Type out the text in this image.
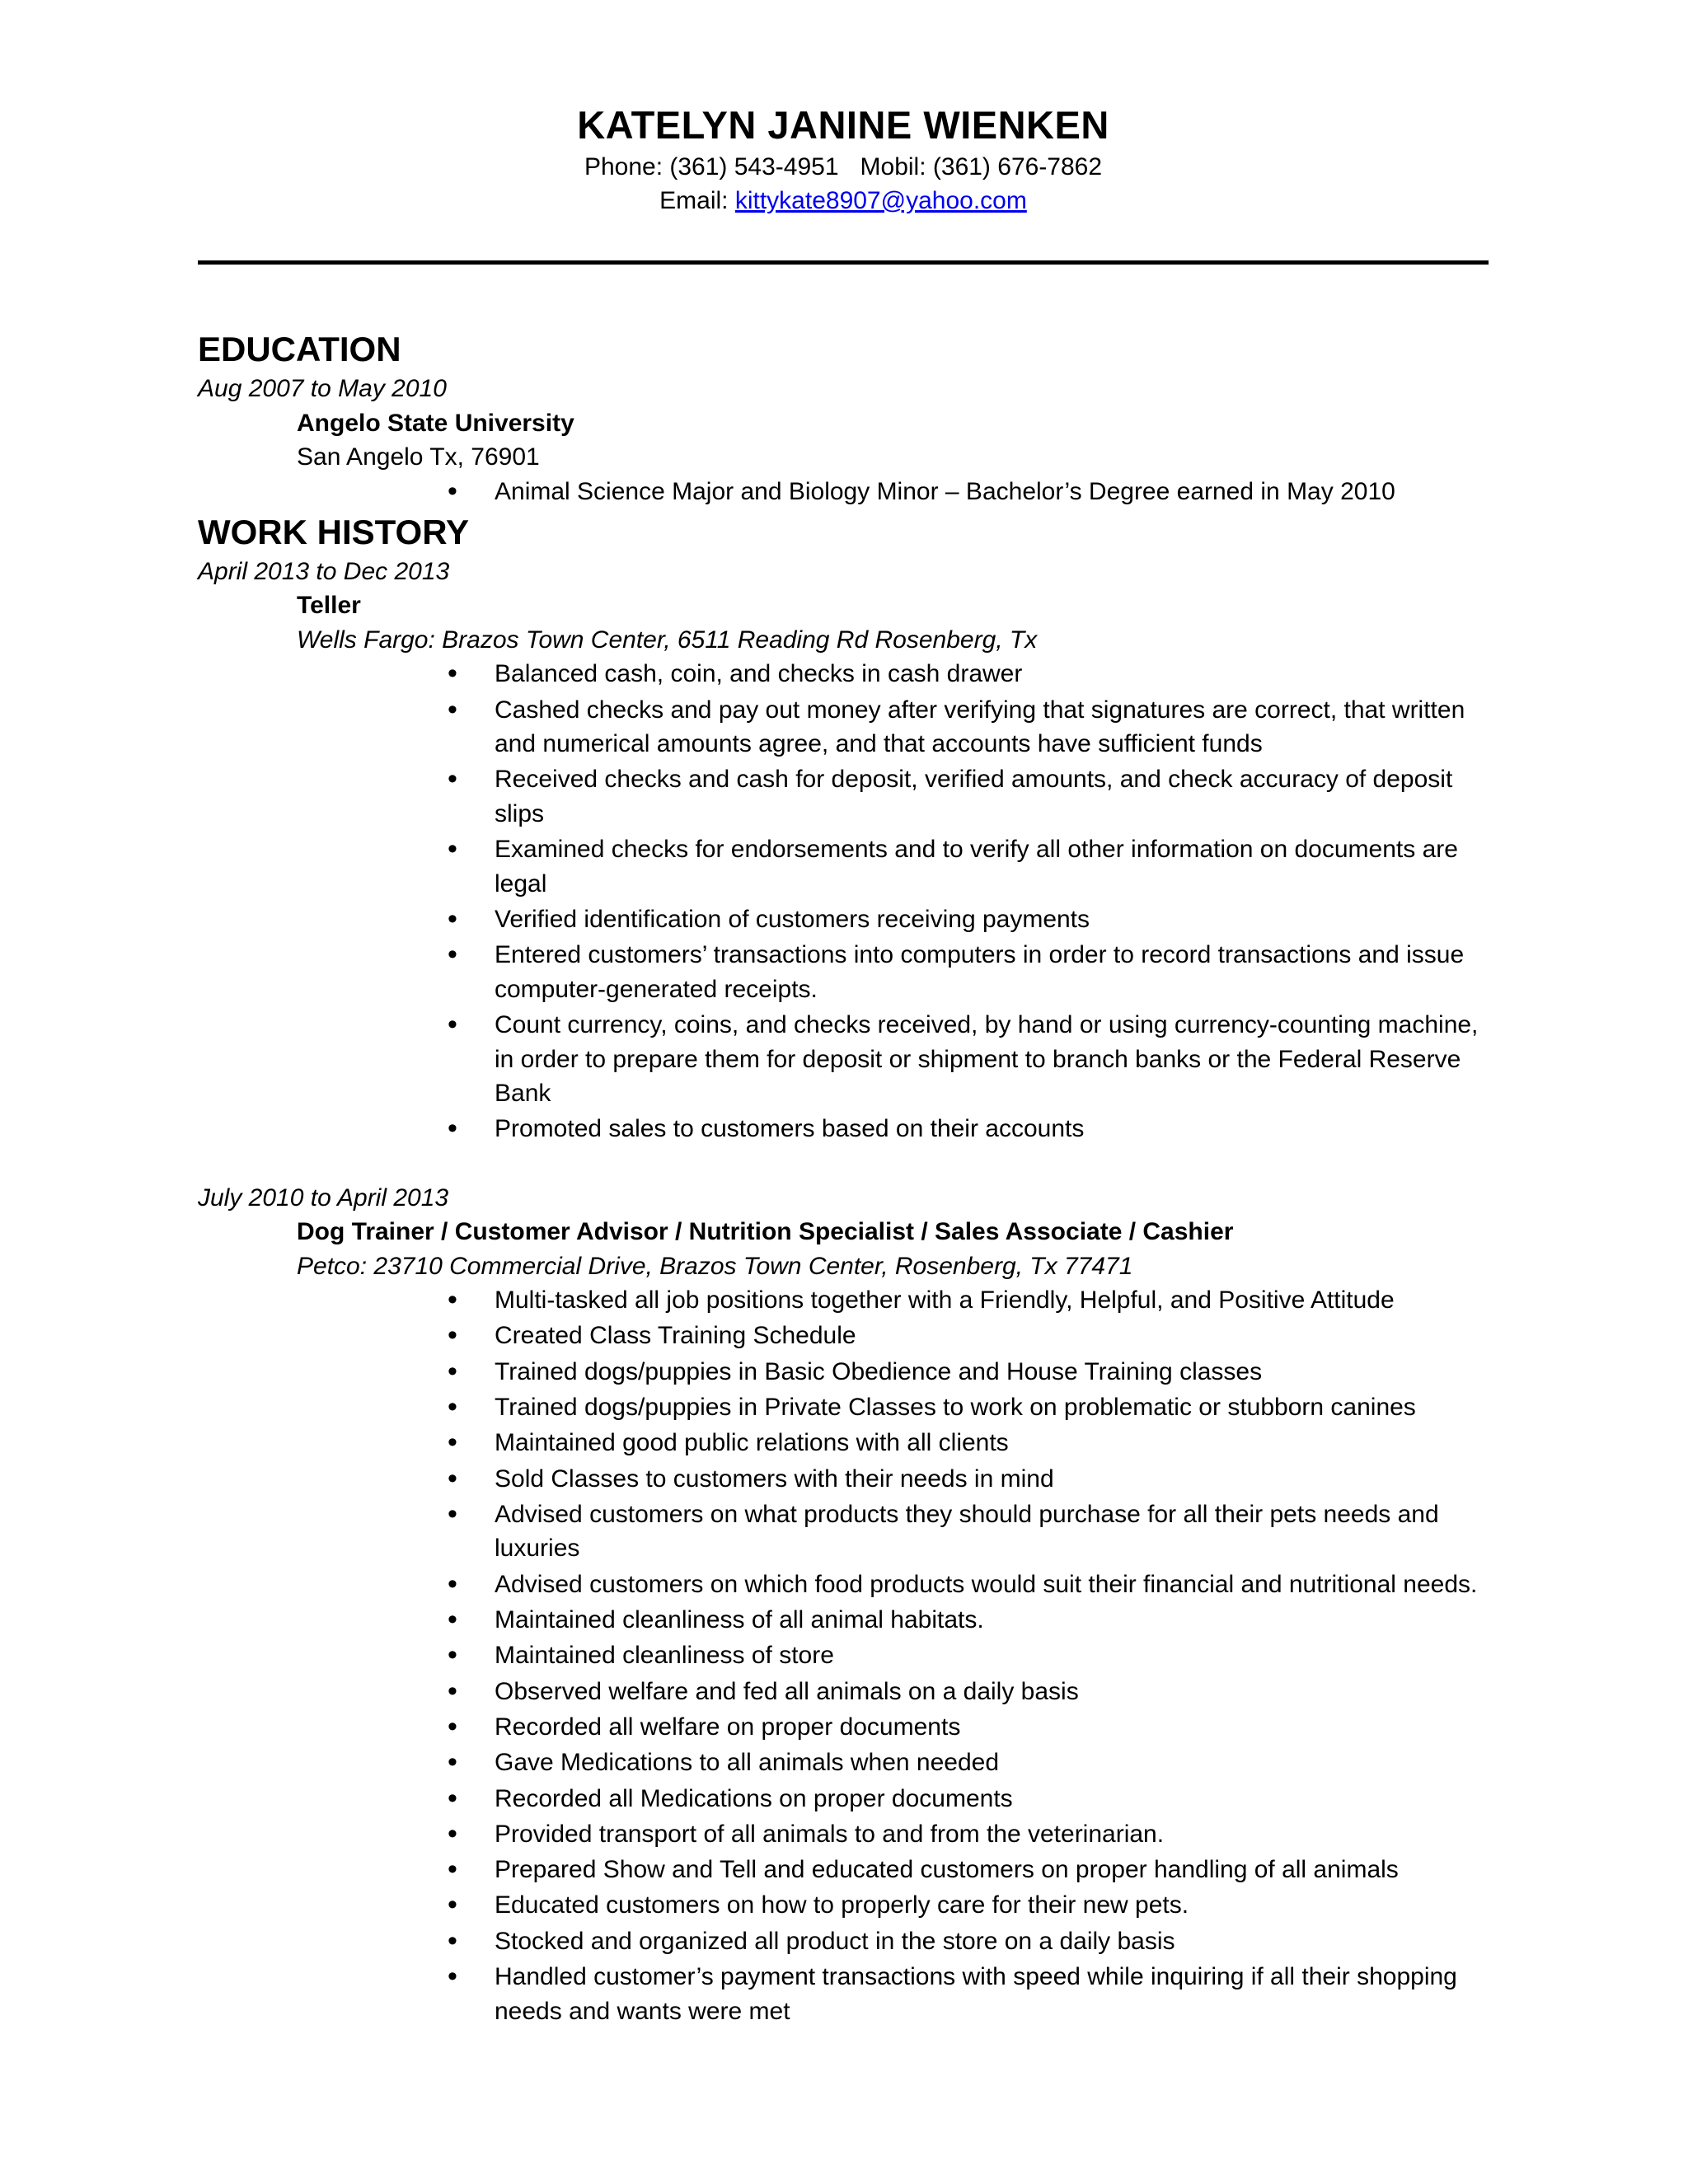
KATELYN JANINE WIENKEN
Phone: (361) 543-4951 Mobil: (361) 676-7862
Email: kittykate8907@yahoo.com
EDUCATION
Aug 2007 to May 2010
Angelo State University
San Angelo Tx, 76901
• Animal Science Major and Biology Minor – Bachelor’s Degree earned in May 2010
WORK HISTORY
April 2013 to Dec 2013
Teller
Wells Fargo: Brazos Town Center, 6511 Reading Rd Rosenberg, Tx
• Balanced cash, coin, and checks in cash drawer
• Cashed checks and pay out money after verifying that signatures are correct, that written and numerical amounts agree, and that accounts have sufficient funds
• Received checks and cash for deposit, verified amounts, and check accuracy of deposit slips
• Examined checks for endorsements and to verify all other information on documents are legal
• Verified identification of customers receiving payments
• Entered customers’ transactions into computers in order to record transactions and issue computer-generated receipts.
• Count currency, coins, and checks received, by hand or using currency-counting machine, in order to prepare them for deposit or shipment to branch banks or the Federal Reserve Bank
• Promoted sales to customers based on their accounts
July 2010 to April 2013
Dog Trainer / Customer Advisor / Nutrition Specialist / Sales Associate / Cashier
Petco: 23710 Commercial Drive, Brazos Town Center, Rosenberg, Tx 77471
• Multi-tasked all job positions together with a Friendly, Helpful, and Positive Attitude
• Created Class Training Schedule
• Trained dogs/puppies in Basic Obedience and House Training classes
• Trained dogs/puppies in Private Classes to work on problematic or stubborn canines
• Maintained good public relations with all clients
• Sold Classes to customers with their needs in mind
• Advised customers on what products they should purchase for all their pets needs and luxuries
• Advised customers on which food products would suit their financial and nutritional needs.
• Maintained cleanliness of all animal habitats.
• Maintained cleanliness of store
• Observed welfare and fed all animals on a daily basis
• Recorded all welfare on proper documents
• Gave Medications to all animals when needed
• Recorded all Medications on proper documents
• Provided transport of all animals to and from the veterinarian.
• Prepared Show and Tell and educated customers on proper handling of all animals
• Educated customers on how to properly care for their new pets.
• Stocked and organized all product in the store on a daily basis
• Handled customer’s payment transactions with speed while inquiring if all their shopping needs and wants were met
